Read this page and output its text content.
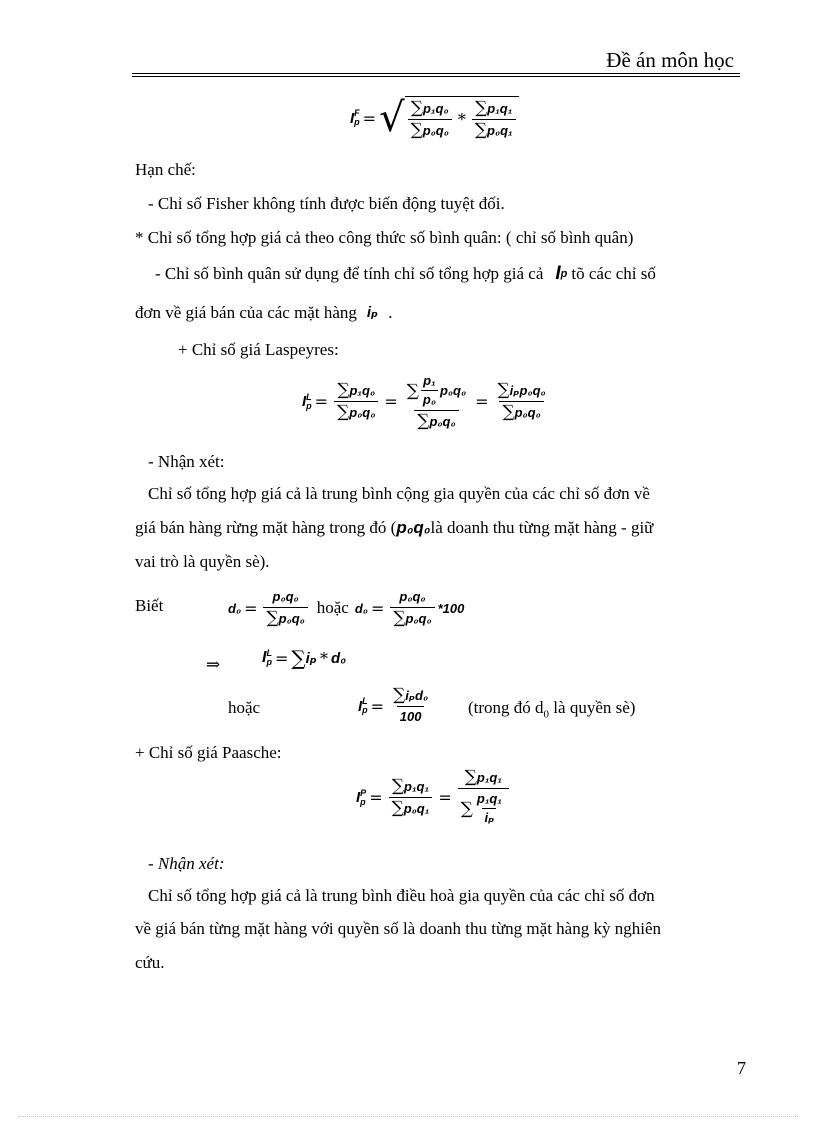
Đề án môn học
I F
p = √ $\frac{\text{∑p₁q₀}}{\text{∑p₀q₀}} * \frac{\text{∑p₁q₁}}{\text{∑p₀q₁}}$
Hạn chế:
- Chỉ số Fisher không tính được biến động tuyệt đối.
* Chỉ số tổng hợp giá cả theo công thức số bình quân: ( chỉ số bình quân)
- Chỉ số bình quân sử dụng để tính chỉ số tổng hợp giá cả I p tõ các chỉ số
đơn về giá bán của các mặt hàng iₚ .
+ Chỉ số giá Laspeyres:
I L
$p = \frac{\text{∑p₁q₀}}{\text{∑p₀q₀}} = \frac{\sum \frac{\text{p₁}}{\text{p₀}} p_0q_0}{\text{∑p₀q₀}} = \frac{\text{∑iₚp₀q₀}}{\text{∑p₀q₀}}$
- Nhận xét:
Chỉ số tổng hợp giá cả là trung bình cộng gia quyền của các chỉ số đơn về
giá bán hàng rừng mặt hàng trong đó ( p₀q₀ là doanh thu từng mặt hàng - giữ
vai trò là quyền sè).
Biết	$d_0 = \frac{\text{p₀q₀}}{\text{∑p₀q₀}}$ hoặc $d_0 = \frac{\text{p₀q₀}}{\text{∑p₀q₀}} *100$
⇒	I L
p = ∑ iₚ * d₀
hoặc	I L
$p = \frac{\text{∑iₚd₀}}{100}$ (trong đó $d_0$ là quyền sè)
+ Chỉ số giá Paasche:
I P
$p = \frac{\text{∑p₁q₁}}{\text{∑p₀q₁}} = \frac{\text{∑p₁q₁}}{\sum \frac{\text{p₁q₁}}{\text{iₚ}}}$
- Nhận xét:
Chỉ số tổng hợp giá cả là trung bình điều hoà gia quyền của các chỉ số đơn
về giá bán từng mặt hàng với quyền số là doanh thu từng mặt hàng kỳ nghiên
cứu.
7
